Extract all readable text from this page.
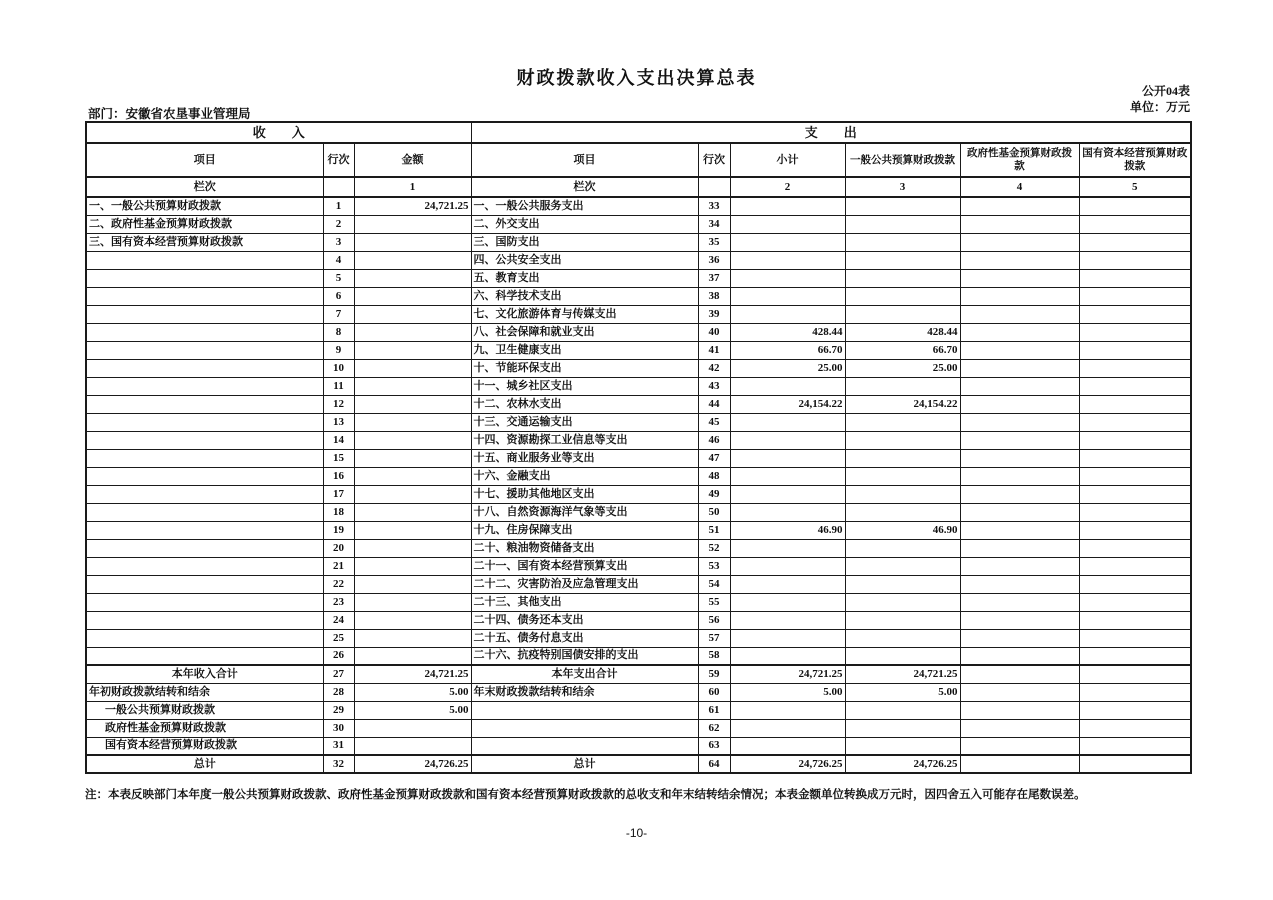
财政拨款收入支出决算总表
公开04表
单位：万元
部门：安徽省农垦事业管理局
收　　入			支　　出					
项目	行次	金额	项目	行次	小计	一般公共预算财政拨款	政府性基金预算财政拨款	国有资本经营预算财政拨款
栏次		1	栏次		2	3	4	5
一、一般公共预算财政拨款	1	24,721.25	一、一般公共服务支出	33				
二、政府性基金预算财政拨款	2		二、外交支出	34				
三、国有资本经营预算财政拨款	3		三、国防支出	35				
	4		四、公共安全支出	36				
	5		五、教育支出	37				
	6		六、科学技术支出	38				
	7		七、文化旅游体育与传媒支出	39				
	8		八、社会保障和就业支出	40	428.44	428.44		
	9		九、卫生健康支出	41	66.70	66.70		
	10		十、节能环保支出	42	25.00	25.00		
	11		十一、城乡社区支出	43				
	12		十二、农林水支出	44	24,154.22	24,154.22		
	13		十三、交通运输支出	45				
	14		十四、资源勘探工业信息等支出	46				
	15		十五、商业服务业等支出	47				
	16		十六、金融支出	48				
	17		十七、援助其他地区支出	49				
	18		十八、自然资源海洋气象等支出	50				
	19		十九、住房保障支出	51	46.90	46.90		
	20		二十、粮油物资储备支出	52				
	21		二十一、国有资本经营预算支出	53				
	22		二十二、灾害防治及应急管理支出	54				
	23		二十三、其他支出	55				
	24		二十四、债务还本支出	56				
	25		二十五、债务付息支出	57				
	26		二十六、抗疫特别国债安排的支出	58				
本年收入合计	27	24,721.25	本年支出合计	59	24,721.25	24,721.25		
年初财政拨款结转和结余	28	5.00	年末财政拨款结转和结余	60	5.00	5.00		
一般公共预算财政拨款	29	5.00		61				
政府性基金预算财政拨款	30			62				
国有资本经营预算财政拨款	31			63				
总计	32	24,726.25	总计	64	24,726.25	24,726.25		
注：本表反映部门本年度一般公共预算财政拨款、政府性基金预算财政拨款和国有资本经营预算财政拨款的总收支和年末结转结余情况；本表金额单位转换成万元时，因四舍五入可能存在尾数误差。
-10-
